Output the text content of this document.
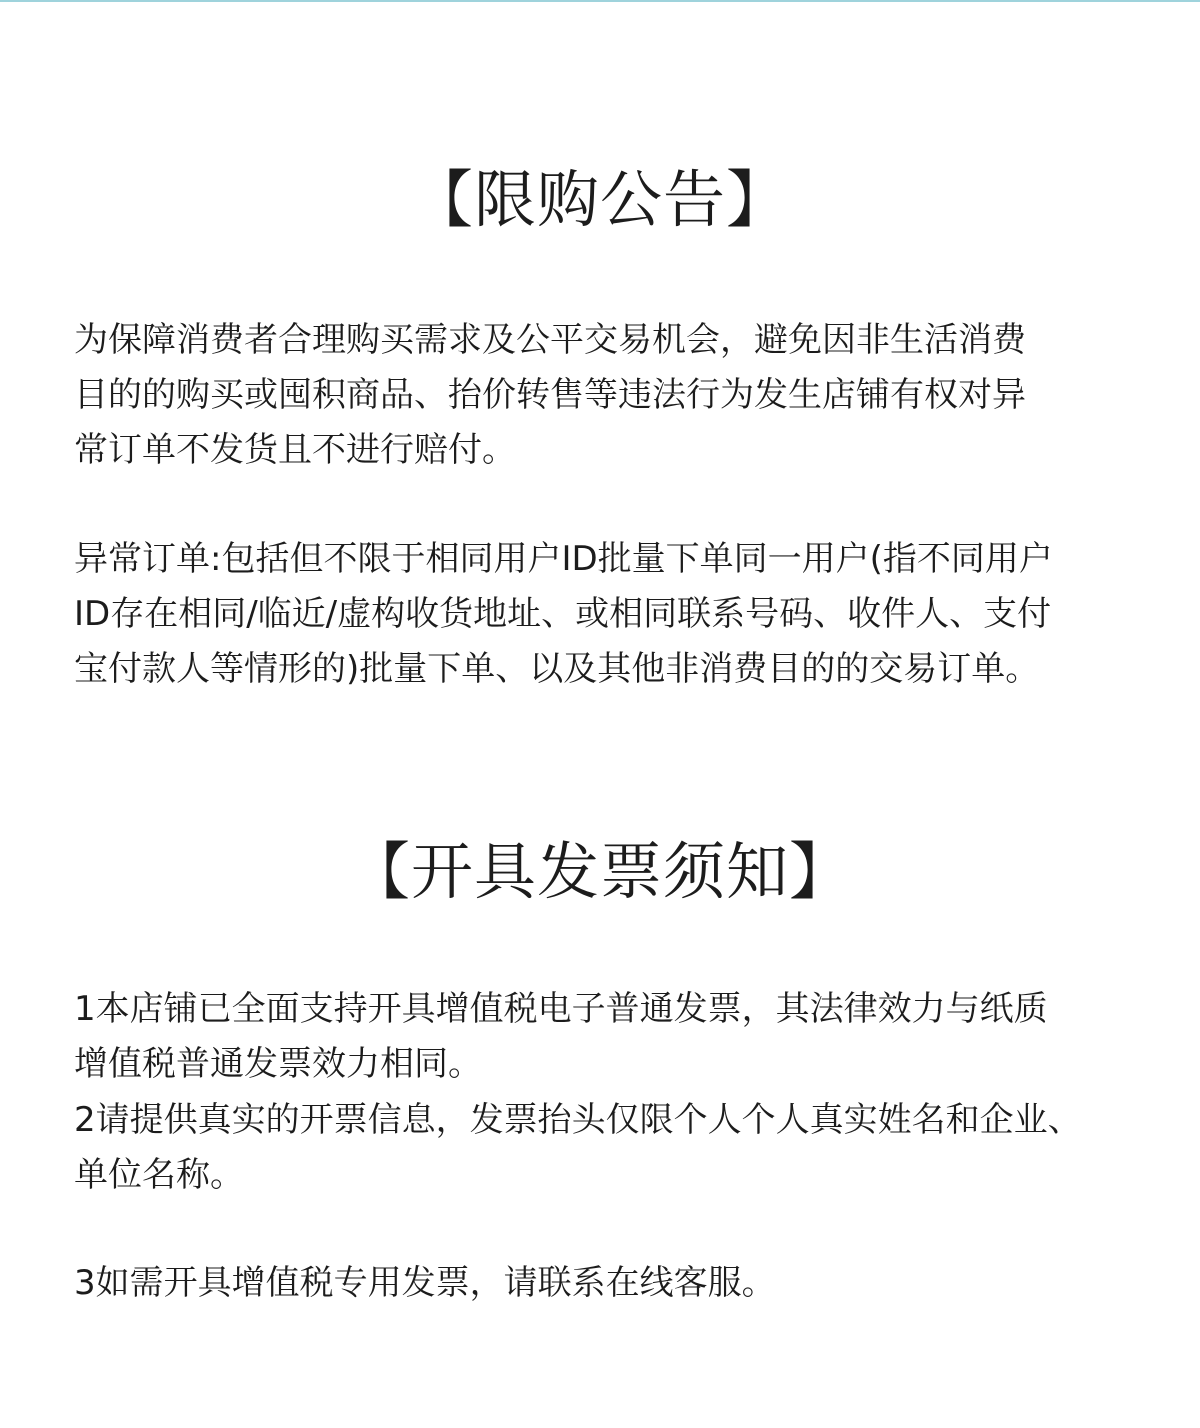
【限购公告】
为保障消费者合理购买需求及公平交易机会，避免因非生活消费
目的的购买或囤积商品、抬价转售等违法行为发生店铺有权对异
常订单不发货且不进行赔付。
异常订单:包括但不限于相同用户ID批量下单同一用户(指不同用户
ID存在相同/临近/虚构收货地址、或相同联系号码、收件人、支付
宝付款人等情形的)批量下单、以及其他非消费目的的交易订单。
【开具发票须知】
1本店铺已全面支持开具增值税电子普通发票，其法律效力与纸质
增值税普通发票效力相同。
2请提供真实的开票信息，发票抬头仅限个人个人真实姓名和企业、
单位名称。
3如需开具增值税专用发票，请联系在线客服。
